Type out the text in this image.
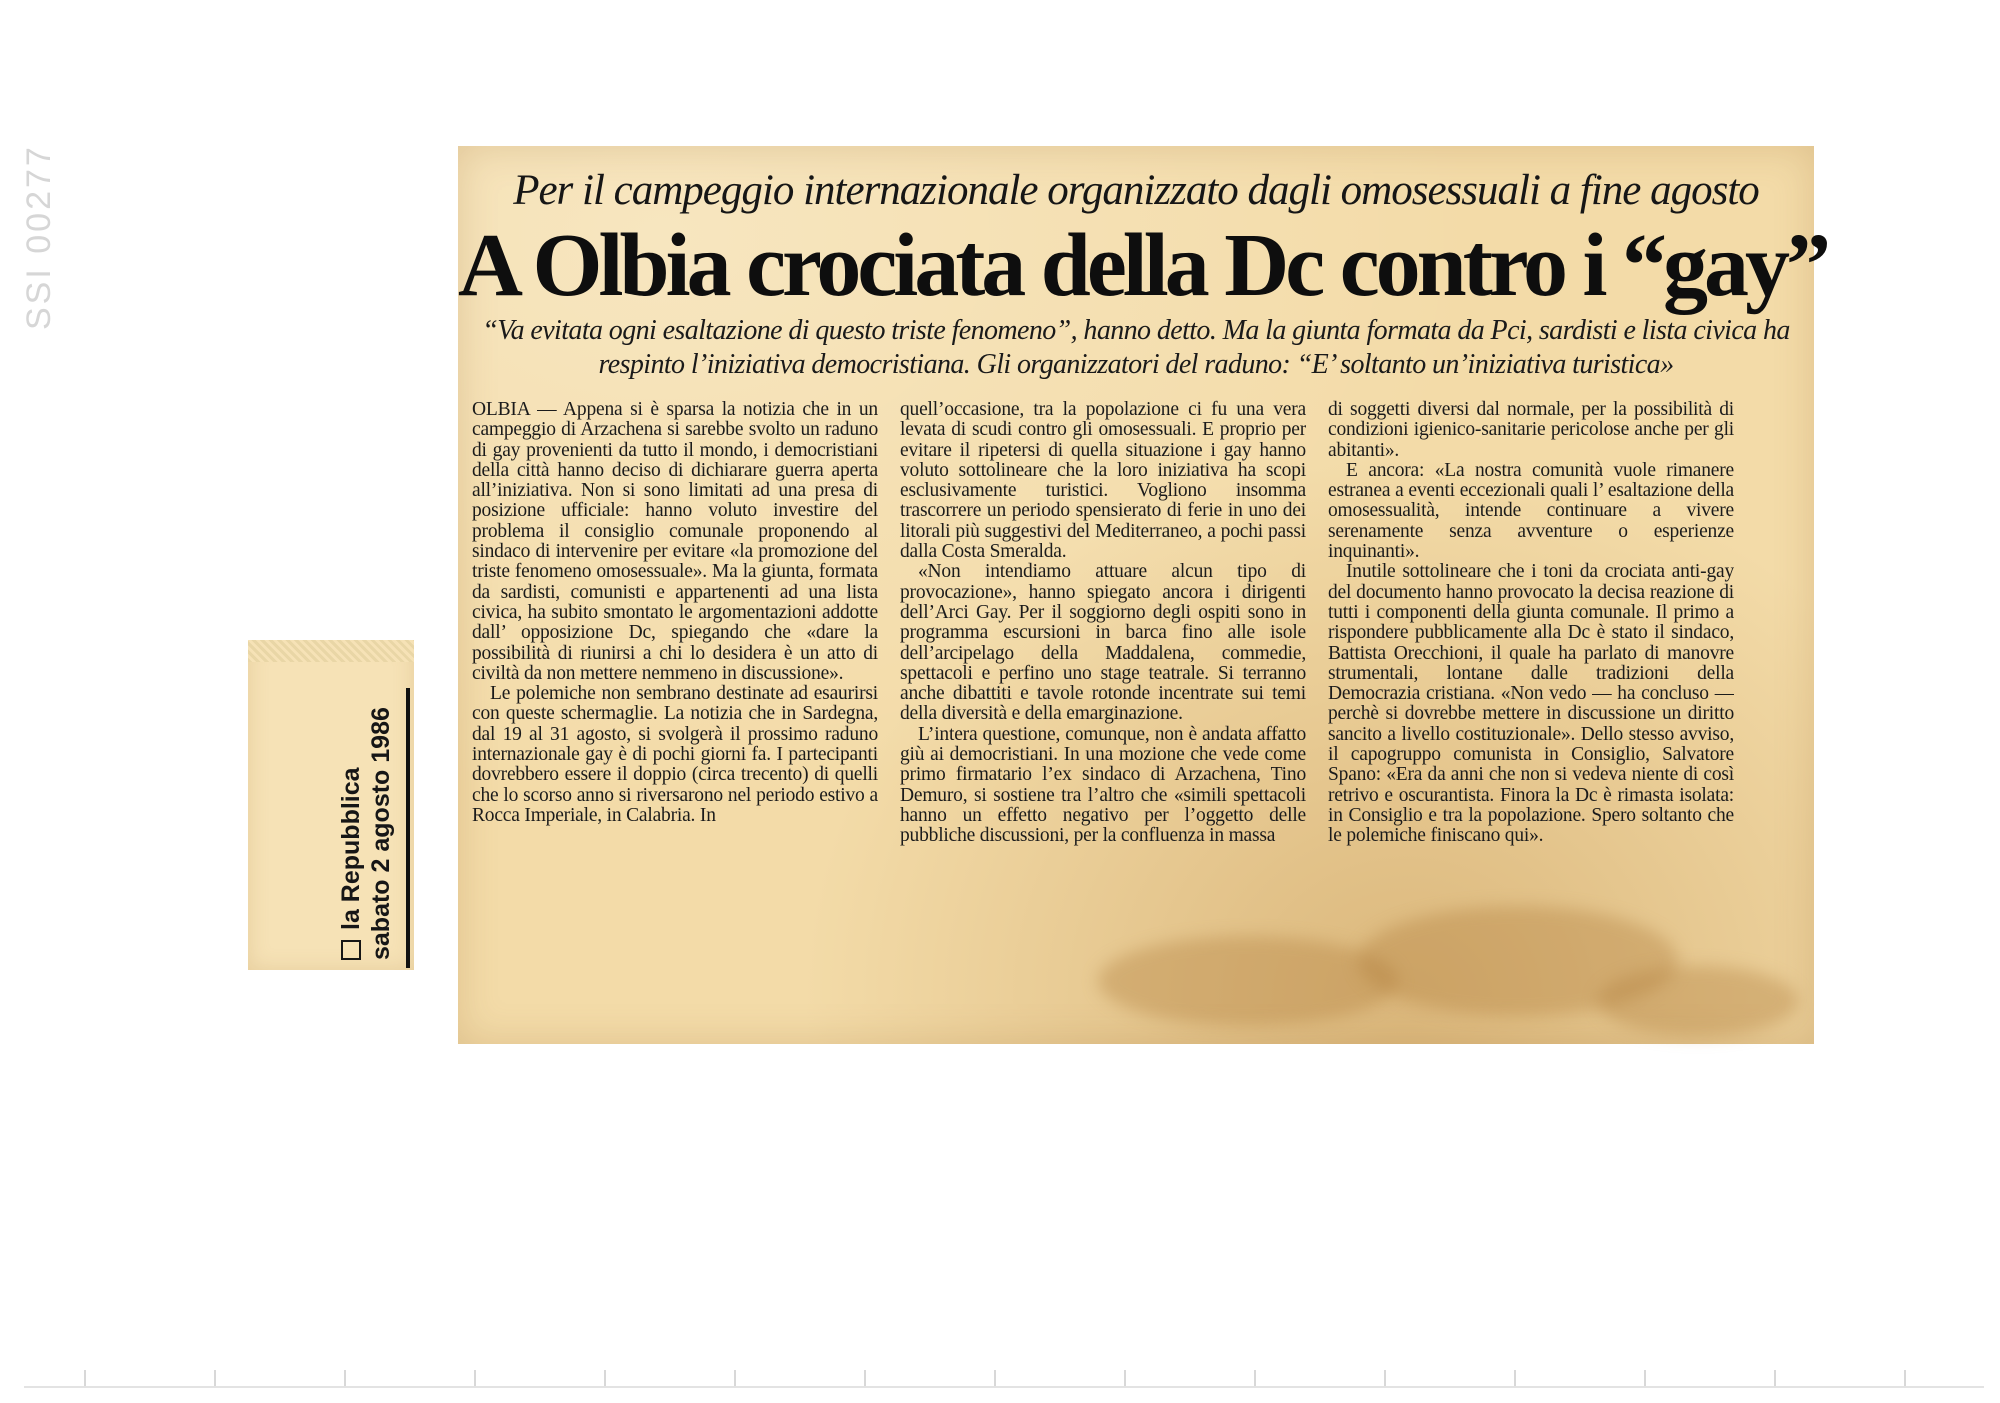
SSI 00277
la Repubblica sabato 2 agosto 1986
Per il campeggio internazionale organizzato dagli omosessuali a fine agosto
A Olbia crociata della Dc contro i “gay”
“Va evitata ogni esaltazione di questo triste fenomeno”, hanno detto. Ma la giunta formata da Pci, sardisti e lista civica ha respinto l’iniziativa democristiana. Gli organizzatori del raduno: “E’ soltanto un’iniziativa turistica»

OLBIA — Appena si è sparsa la notizia che in un campeggio di Arzachena si sarebbe svolto un raduno di gay provenienti da tutto il mondo, i democristiani della città hanno deciso di dichiarare guerra aperta all’iniziativa. Non si sono limitati ad una presa di posizione ufficiale: hanno voluto investire del problema il consiglio comunale proponendo al sindaco di intervenire per evitare «la promozione del triste fenomeno omosessuale». Ma la giunta, formata da sardisti, comunisti e appartenenti ad una lista civica, ha subito smontato le argomentazioni addotte dall’ opposizione Dc, spiegando che «dare la possibilità di riunirsi a chi lo desidera è un atto di civiltà da non mettere nemmeno in discussione».

Le polemiche non sembrano destinate ad esaurirsi con queste schermaglie. La notizia che in Sardegna, dal 19 al 31 agosto, si svolgerà il prossimo raduno internazionale gay è di pochi giorni fa. I partecipanti dovrebbero essere il doppio (circa trecento) di quelli che lo scorso anno si riversarono nel periodo estivo a Rocca Imperiale, in Calabria. In

quell’occasione, tra la popolazione ci fu una vera levata di scudi contro gli omosessuali. E proprio per evitare il ripetersi di quella situazione i gay hanno voluto sottolineare che la loro iniziativa ha scopi esclusivamente turistici. Vogliono insomma trascorrere un periodo spensierato di ferie in uno dei litorali più suggestivi del Mediterraneo, a pochi passi dalla Costa Smeralda.

«Non intendiamo attuare alcun tipo di provocazione», hanno spiegato ancora i dirigenti dell’Arci Gay. Per il soggiorno degli ospiti sono in programma escursioni in barca fino alle isole dell’arcipelago della Maddalena, commedie, spettacoli e perfino uno stage teatrale. Si terranno anche dibattiti e tavole rotonde incentrate sui temi della diversità e della emarginazione.

L’intera questione, comunque, non è andata affatto giù ai democristiani. In una mozione che vede come primo firmatario l’ex sindaco di Arzachena, Tino Demuro, si sostiene tra l’altro che «simili spettacoli hanno un effetto negativo per l’oggetto delle pubbliche discussioni, per la confluenza in massa

di soggetti diversi dal normale, per la possibilità di condizioni igienico-sanitarie pericolose anche per gli abitanti».

E ancora: «La nostra comunità vuole rimanere estranea a eventi eccezionali quali l’ esaltazione della omosessualità, intende continuare a vivere serenamente senza avventure o esperienze inquinanti».

Inutile sottolineare che i toni da crociata anti-gay del documento hanno provocato la decisa reazione di tutti i componenti della giunta comunale. Il primo a rispondere pubblicamente alla Dc è stato il sindaco, Battista Orecchioni, il quale ha parlato di manovre strumentali, lontane dalle tradizioni della Democrazia cristiana. «Non vedo — ha concluso — perchè si dovrebbe mettere in discussione un diritto sancito a livello costituzionale». Dello stesso avviso, il capogruppo comunista in Consiglio, Salvatore Spano: «Era da anni che non si vedeva niente di così retrivo e oscurantista. Finora la Dc è rimasta isolata: in Consiglio e tra la popolazione. Spero soltanto che le polemiche finiscano qui».
